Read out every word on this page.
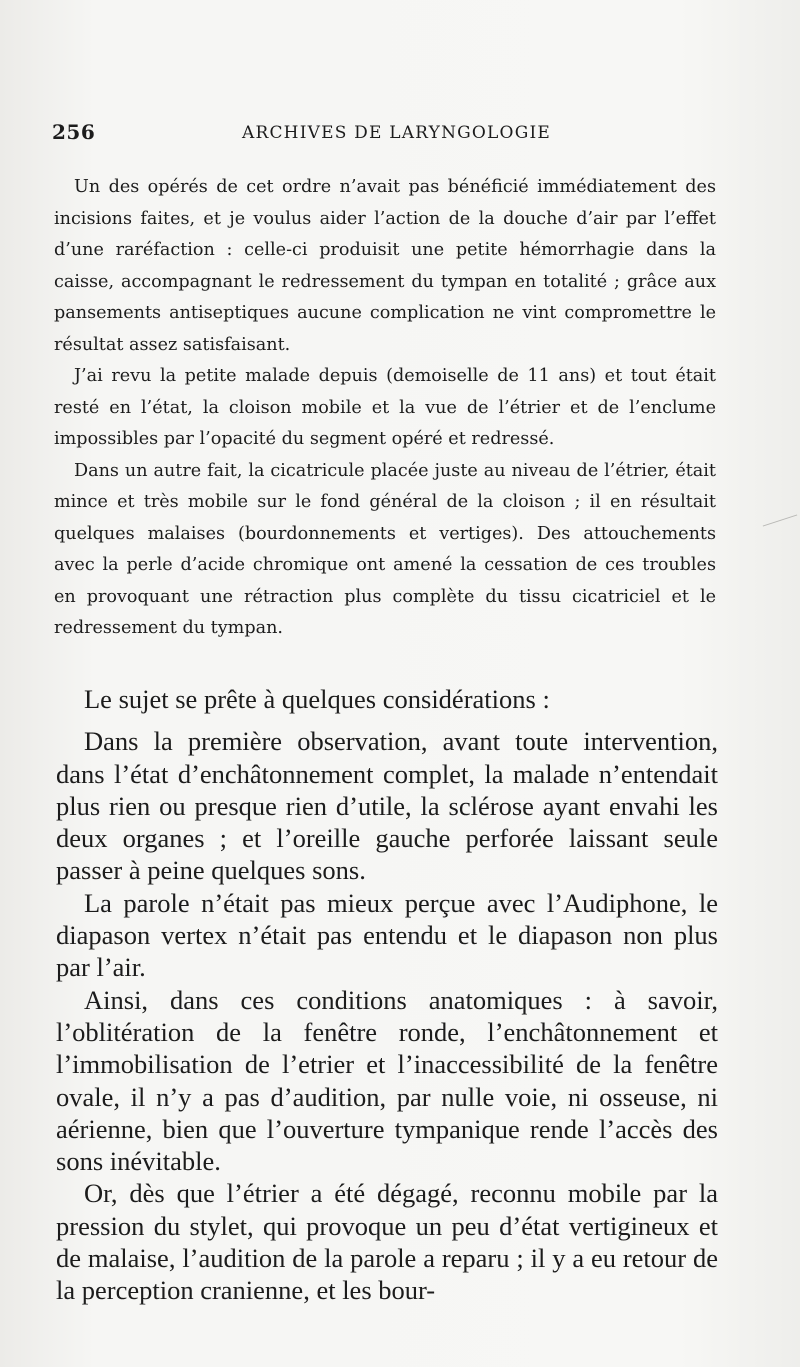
256	ARCHIVES DE LARYNGOLOGIE

Un des opérés de cet ordre n’avait pas bénéficié immédiatement des incisions faites, et je voulus aider l’action de la douche d’air par l’effet d’une raréfaction : celle-ci produisit une petite hémorrhagie dans la caisse, accompagnant le redressement du tympan en totalité ; grâce aux pansements antiseptiques aucune complication ne vint compromettre le résultat assez satisfaisant.

J’ai revu la petite malade depuis (demoiselle de 11 ans) et tout était resté en l’état, la cloison mobile et la vue de l’étrier et de l’enclume impossibles par l’opacité du segment opéré et redressé.

Dans un autre fait, la cicatricule placée juste au niveau de l’étrier, était mince et très mobile sur le fond général de la cloison ; il en résultait quelques malaises (bourdonnements et vertiges). Des attouchements avec la perle d’acide chromique ont amené la cessation de ces troubles en provoquant une rétraction plus complète du tissu cicatriciel et le redressement du tympan.

Le sujet se prête à quelques considérations :

Dans la première observation, avant toute intervention, dans l’état d’enchâtonnement complet, la malade n’entendait plus rien ou presque rien d’utile, la sclérose ayant envahi les deux organes ; et l’oreille gauche perforée laissant seule passer à peine quelques sons.

La parole n’était pas mieux perçue avec l’Audiphone, le diapason vertex n’était pas entendu et le diapason non plus par l’air.

Ainsi, dans ces conditions anatomiques : à savoir, l’oblitération de la fenêtre ronde, l’enchâtonnement et l’immobilisation de l’etrier et l’inaccessibilité de la fenêtre ovale, il n’y a pas d’audition, par nulle voie, ni osseuse, ni aérienne, bien que l’ouverture tympanique rende l’accès des sons inévitable.

Or, dès que l’étrier a été dégagé, reconnu mobile par la pression du stylet, qui provoque un peu d’état vertigineux et de malaise, l’audition de la parole a reparu ; il y a eu retour de la perception cranienne, et les bour-
